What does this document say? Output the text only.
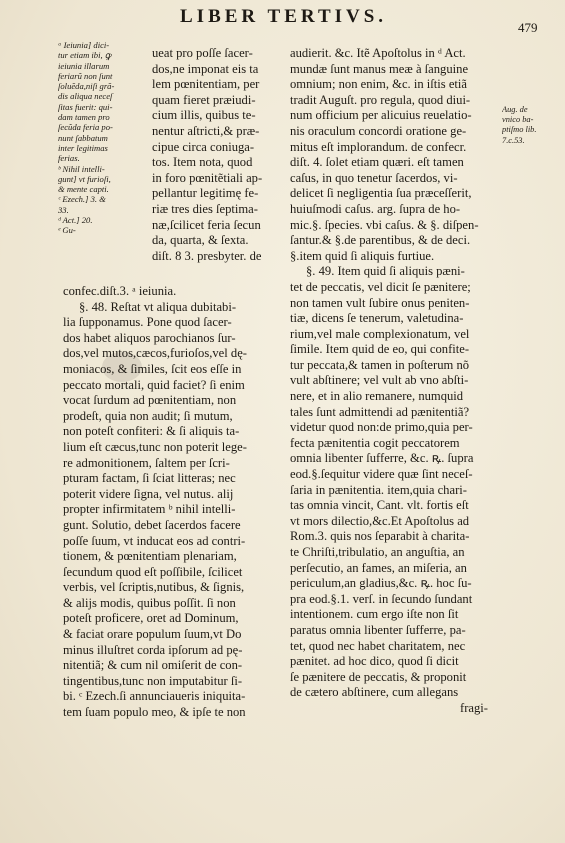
LIBER TERTIVS.
479
ᵃ Ieiunia] dici-
tur etiam ibi, ꝙ
ieiunia illarum
feriarũ non ſunt
ſoluẽda,niſi grã-
dis aliqua neceſ
ſitas fuerit: qui-
dam tamen pro
ſecũda feria po-
nunt ſabbatum
inter legitimas
ferias.
ᵇ Nihil intelli-
gunt] vt furioſi,
& mente capti.
ᶜ Ezech.] 3. &
33.
ᵈ Act.] 20.
ᵉ Gu-
ueat pro poſſe ſacer-
dos,ne imponat eis ta
lem pœnitentiam, per
quam fieret præiudi-
cium illis, quibus te-
nentur aſtricti,& præ-
cipue circa coniuga-
tos. Item nota, quod
in foro pœnitẽtiali ap-
pellantur legitimę fe-
riæ tres dies ſeptima-
næ,ſcilicet feria ſecun
da, quarta, & ſexta.
diſt. 8 3. presbyter. de
confec.diſt.3. ᵃ ieiunia.
§. 48. Reſtat vt aliqua dubitabi-
lia ſupponamus. Pone quod ſacer-
dos habet aliquos parochianos ſur-
dos,vel mutos,cæcos,furioſos,vel dę-
moniacos, & ſimiles, ſcit eos eſſe in
peccato mortali, quid faciet? ſi enim
vocat ſurdum ad pœnitentiam, non
prodeſt, quia non audit; ſi mutum,
non poteſt confiteri: & ſi aliquis ta-
lium eſt cæcus,tunc non poterit lege-
re admonitionem, ſaltem per ſcri-
pturam factam, ſi ſciat litteras; nec
poterit videre ſigna, vel nutus. alij
propter infirmitatem ᵇ nihil intelli-
gunt. Solutio, debet ſacerdos facere
poſſe ſuum, vt inducat eos ad contri-
tionem, & pœnitentiam plenariam,
ſecundum quod eſt poſſibile, ſcilicet
verbis, vel ſcriptis,nutibus, & ſignis,
& alijs modis, quibus poſſit. ſi non
poteſt proficere, oret ad Dominum,
& faciat orare populum ſuum,vt Do
minus illuſtret corda ipſorum ad pę-
nitentiã; & cum nil omiſerit de con-
tingentibus,tunc non imputabitur ſi-
bi. ᶜ Ezech.ſi annunciaueris iniquita-
tem ſuam populo meo, & ipſe te non
audierit. &c. Itẽ Apoſtolus in ᵈ Act.
mundæ ſunt manus meæ à ſanguine
omnium; non enim, &c. in iſtis etiã
tradit Auguſt. pro regula, quod diui-
num officium per alicuius reuelatio-
nis oraculum concordi oratione ge-
mitus eſt implorandum. de confecr.
diſt. 4. ſolet etiam quæri. eſt tamen
caſus, in quo tenetur ſacerdos, vi-
delicet ſi negligentia ſua præceſſerit,
huiuſmodi caſus. arg. ſupra de ho-
mic.§. ſpecies. vbi caſus. & §. diſpen-
ſantur.& §.de parentibus, & de deci.
§.item quid ſi aliquis furtiue.
§. 49. Item quid ſi aliquis pæni-
tet de peccatis, vel dicit ſe pænitere;
non tamen vult ſubire onus peniten-
tiæ, dicens ſe tenerum, valetudina-
rium,vel male complexionatum, vel
ſimile. Item quid de eo, qui confite-
tur peccata,& tamen in poſterum nõ
vult abſtinere; vel vult ab vno abſti-
nere, et in alio remanere, numquid
tales ſunt admittendi ad pænitentiã?
videtur quod non:de primo,quia per-
fecta pænitentia cogit peccatorem
omnia libenter ſufferre, &c. ꝶ. ſupra
eod.§.ſequitur videre quæ ſint neceſ-
ſaria in pænitentia. item,quia chari-
tas omnia vincit, Cant. vlt. fortis eſt
vt mors dilectio,&c.Et Apoſtolus ad
Rom.3. quis nos ſeparabit à charita-
te Chriſti,tribulatio, an anguſtia, an
perſecutio, an fames, an miſeria, an
periculum,an gladius,&c. ꝶ. hoc ſu-
pra eod.§.1. verſ. in ſecundo ſundant
intentionem. cum ergo iſte non ſit
paratus omnia libenter ſufferre, pa-
tet, quod nec habet charitatem, nec
pænitet. ad hoc dico, quod ſi dicit
ſe pænitere de peccatis, & proponit
de cætero abſtinere, cum allegans
fragi-
Aug. de
vnico ba-
ptiſmo lib.
7.c.53.
